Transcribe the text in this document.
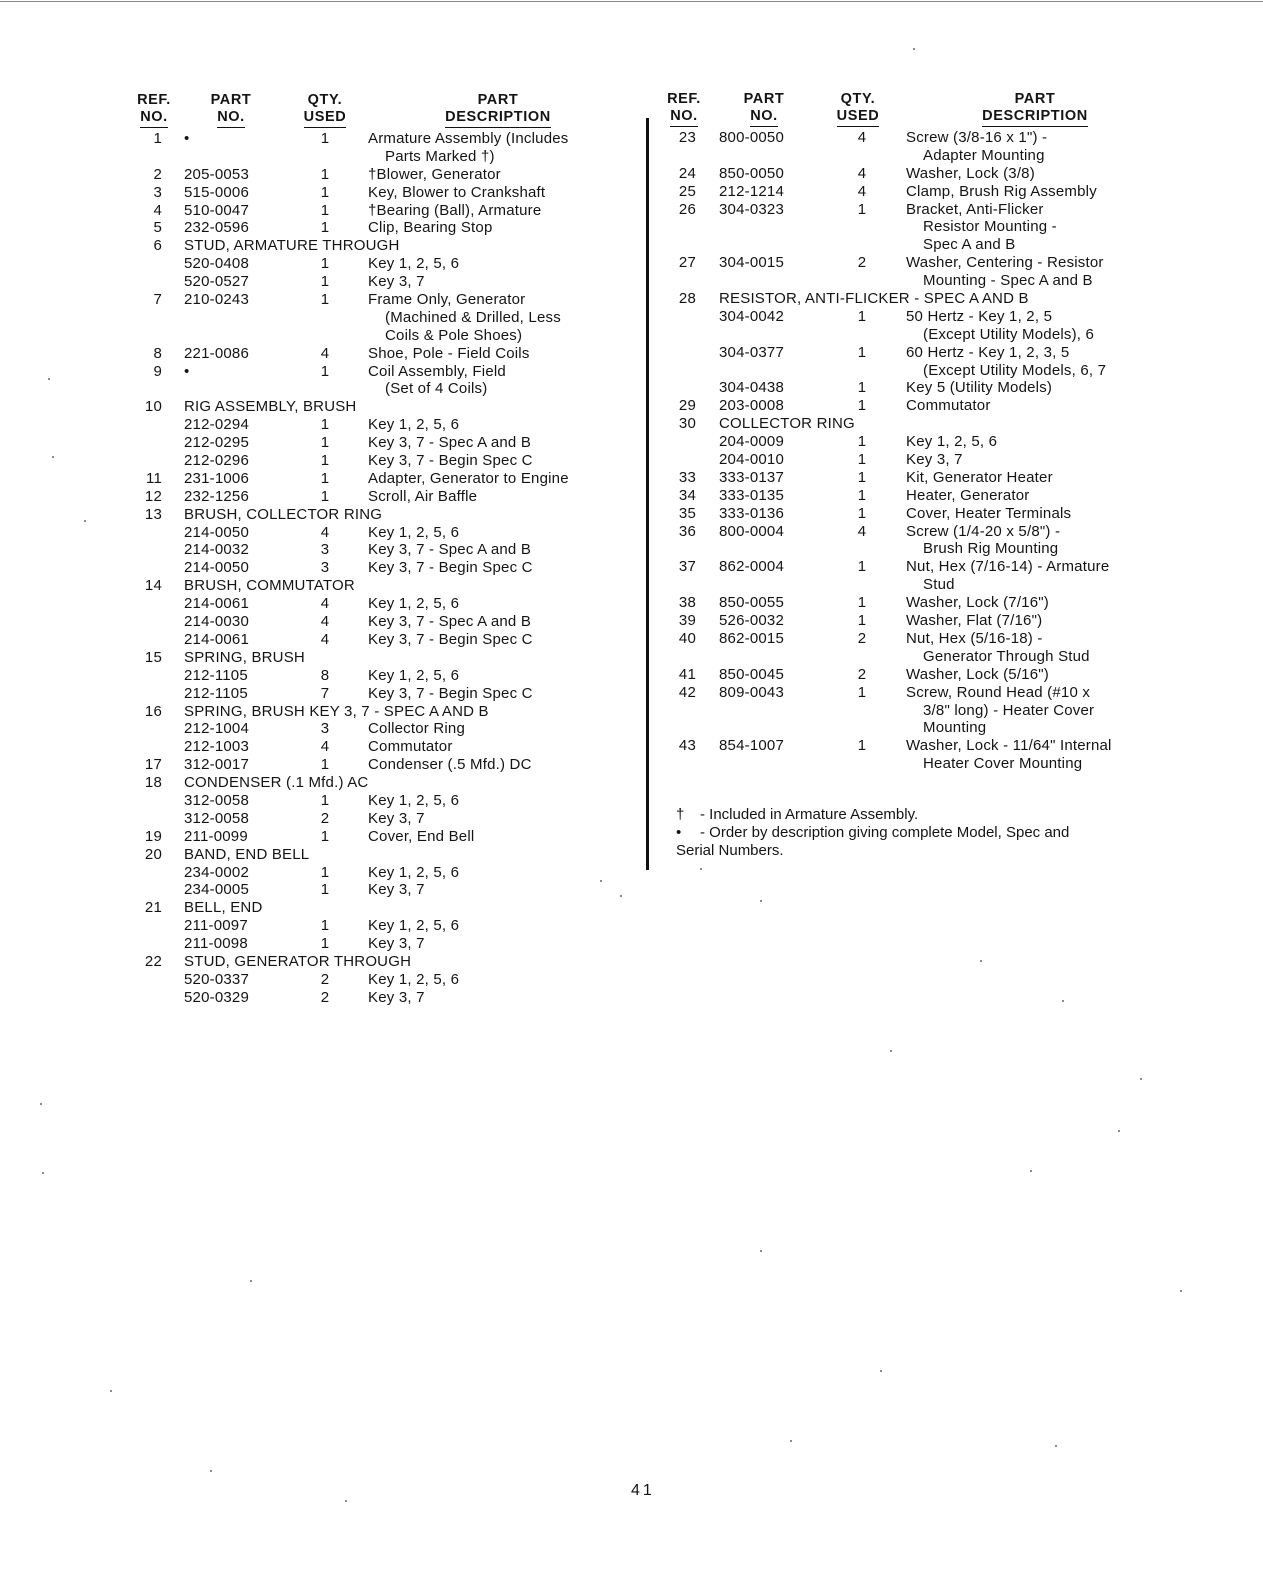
REF.
NO.
PART
NO.
QTY.
USED
PART
DESCRIPTION
1 •	1	Armature Assembly (Includes
Parts Marked †)
2 205-0053	1	†Blower, Generator
3 515-0006	1	Key, Blower to Crankshaft
4 510-0047	1	†Bearing (Ball), Armature
5 232-0596	1	Clip, Bearing Stop
6 STUD, ARMATURE THROUGH
520-0408	1	Key 1, 2, 5, 6
520-0527	1	Key 3, 7
7 210-0243	1	Frame Only, Generator
(Machined & Drilled, Less
Coils & Pole Shoes)
8 221-0086	4	Shoe, Pole - Field Coils
9 •	1	Coil Assembly, Field
(Set of 4 Coils)
10 RIG ASSEMBLY, BRUSH
212-0294	1	Key 1, 2, 5, 6
212-0295	1	Key 3, 7 - Spec A and B
212-0296	1	Key 3, 7 - Begin Spec C
11 231-1006	1	Adapter, Generator to Engine
12 232-1256	1	Scroll, Air Baffle
13 BRUSH, COLLECTOR RING
214-0050	4	Key 1, 2, 5, 6
214-0032	3	Key 3, 7 - Spec A and B
214-0050	3	Key 3, 7 - Begin Spec C
14 BRUSH, COMMUTATOR
214-0061	4	Key 1, 2, 5, 6
214-0030	4	Key 3, 7 - Spec A and B
214-0061	4	Key 3, 7 - Begin Spec C
15 SPRING, BRUSH
212-1105	8	Key 1, 2, 5, 6
212-1105	7	Key 3, 7 - Begin Spec C
16 SPRING, BRUSH KEY 3, 7 - SPEC A AND B
212-1004	3	Collector Ring
212-1003	4	Commutator
17 312-0017	1	Condenser (.5 Mfd.) DC
18 CONDENSER (.1 Mfd.) AC
312-0058	1	Key 1, 2, 5, 6
312-0058	2	Key 3, 7
19 211-0099	1	Cover, End Bell
20 BAND, END BELL
234-0002	1	Key 1, 2, 5, 6
234-0005	1	Key 3, 7
21 BELL, END
211-0097	1	Key 1, 2, 5, 6
211-0098	1	Key 3, 7
22 STUD, GENERATOR THROUGH
520-0337	2	Key 1, 2, 5, 6
520-0329	2	Key 3, 7
REF.
NO.
PART
NO.
QTY.
USED
PART
DESCRIPTION
23 800-0050	4	Screw (3/8-16 x 1") -
Adapter Mounting
24 850-0050	4	Washer, Lock (3/8)
25 212-1214	4	Clamp, Brush Rig Assembly
26 304-0323	1	Bracket, Anti-Flicker
Resistor Mounting -
Spec A and B
27 304-0015	2	Washer, Centering - Resistor
Mounting - Spec A and B
28 RESISTOR, ANTI-FLICKER - SPEC A AND B
304-0042	1	50 Hertz - Key 1, 2, 5
(Except Utility Models), 6
304-0377	1	60 Hertz - Key 1, 2, 3, 5
(Except Utility Models, 6, 7
304-0438	1	Key 5 (Utility Models)
29 203-0008	1	Commutator
30 COLLECTOR RING
204-0009	1	Key 1, 2, 5, 6
204-0010	1	Key 3, 7
33 333-0137	1	Kit, Generator Heater
34 333-0135	1	Heater, Generator
35 333-0136	1	Cover, Heater Terminals
36 800-0004	4	Screw (1/4-20 x 5/8") -
Brush Rig Mounting
37 862-0004	1	Nut, Hex (7/16-14) - Armature
Stud
38 850-0055	1	Washer, Lock (7/16")
39 526-0032	1	Washer, Flat (7/16")
40 862-0015	2	Nut, Hex (5/16-18) -
Generator Through Stud
41 850-0045	2	Washer, Lock (5/16")
42 809-0043	1	Screw, Round Head (#10 x
3/8" long) - Heater Cover
Mounting
43 854-1007	1	Washer, Lock - 11/64" Internal
Heater Cover Mounting
† - Included in Armature Assembly.
• - Order by description giving complete Model, Spec and
Serial Numbers.
41
